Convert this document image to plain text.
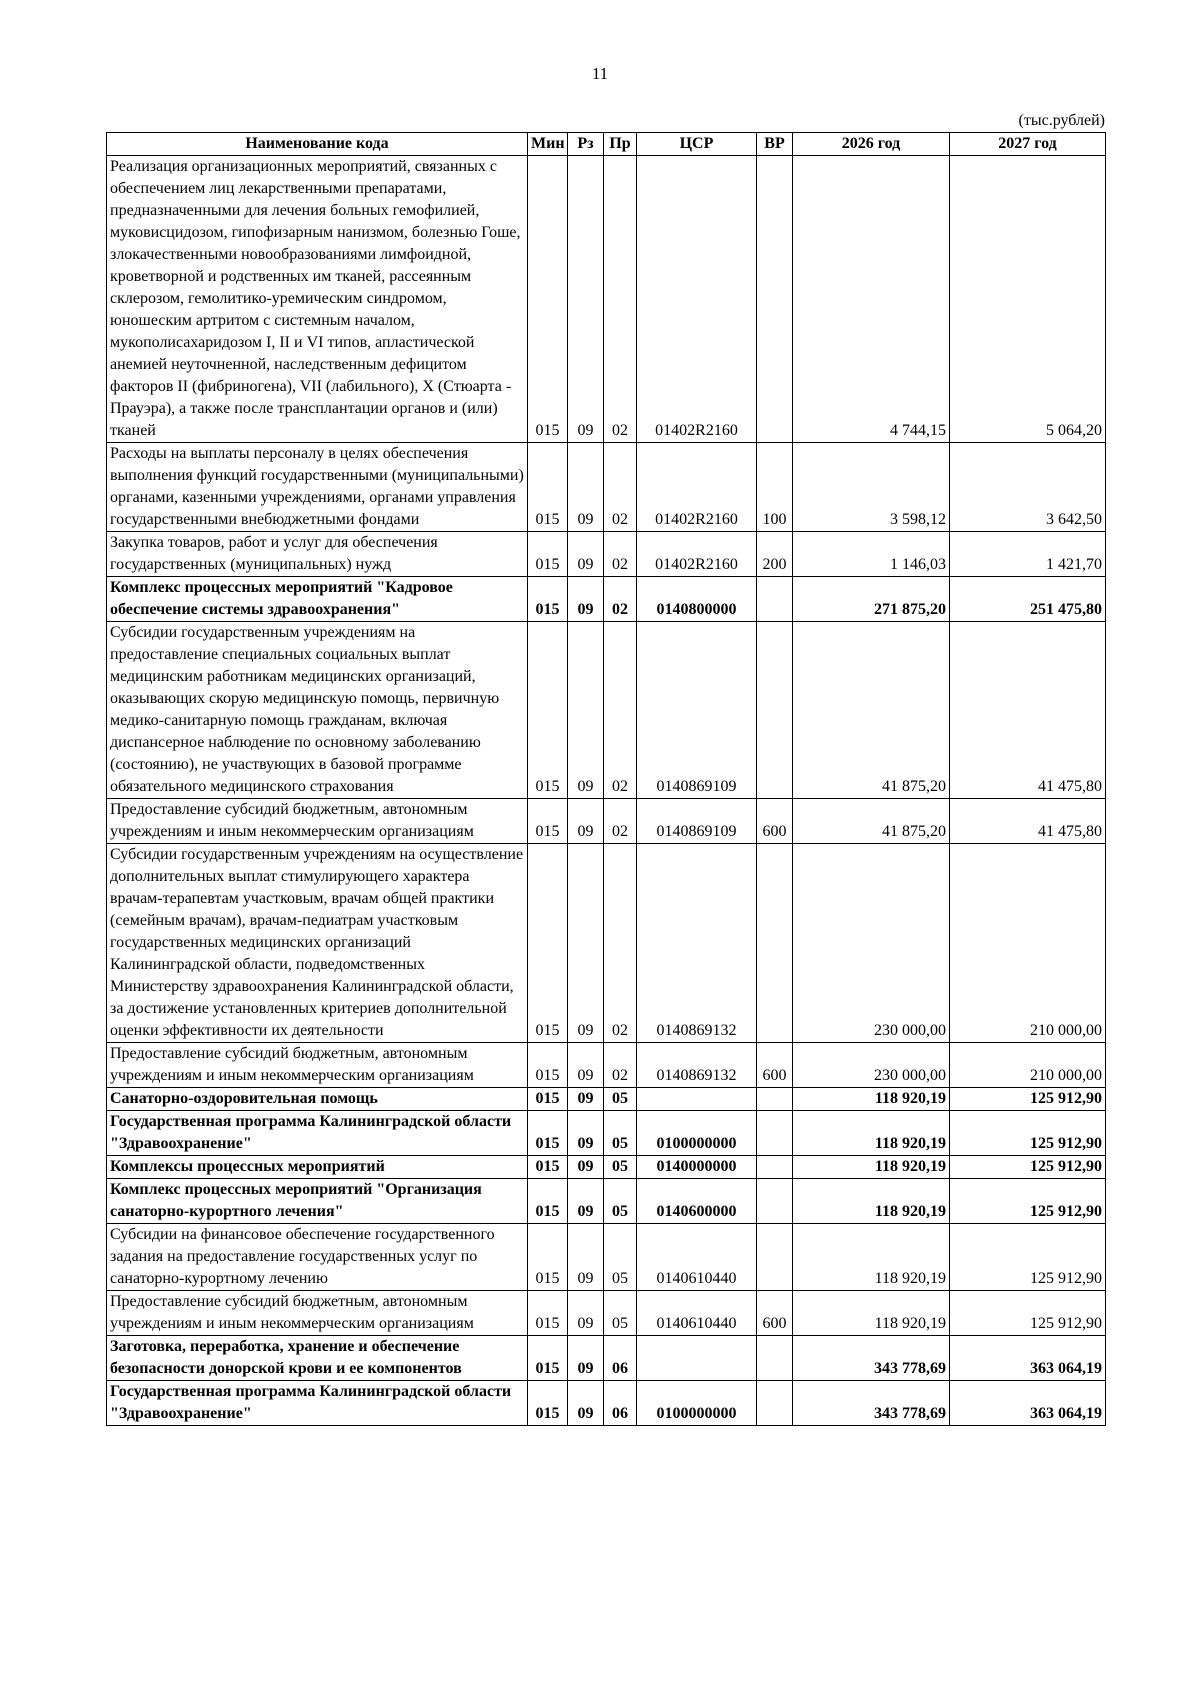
11
(тыс.рублей)
Наименование кода	Мин	Рз	Пр	ЦСР	ВР	2026 год	2027 год
Реализация организационных мероприятий, связанных с обеспечением лиц лекарственными препаратами, предназначенными для лечения больных гемофилией, муковисцидозом, гипофизарным нанизмом, болезнью Гоше, злокачественными новообразованиями лимфоидной, кроветворной и родственных им тканей, рассеянным склерозом, гемолитико-уремическим синдромом, юношеским артритом с системным началом, мукополисахаридозом I, II и VI типов, апластической анемией неуточненной, наследственным дефицитом факторов II (фибриногена), VII (лабильного), X (Стюарта - Прауэра), а также после трансплантации органов и (или) тканей	015	09	02	01402R2160		4 744,15	5 064,20
Расходы на выплаты персоналу в целях обеспечения выполнения функций государственными (муниципальными) органами, казенными учреждениями, органами управления государственными внебюджетными фондами	015	09	02	01402R2160	100	3 598,12	3 642,50
Закупка товаров, работ и услуг для обеспечения государственных (муниципальных) нужд	015	09	02	01402R2160	200	1 146,03	1 421,70
Комплекс процессных мероприятий "Кадровое обеспечение системы здравоохранения"	015	09	02	0140800000		271 875,20	251 475,80
Субсидии государственным учреждениям на предоставление специальных социальных выплат медицинским работникам медицинских организаций, оказывающих скорую медицинскую помощь, первичную медико-санитарную помощь гражданам, включая диспансерное наблюдение по основному заболеванию (состоянию), не участвующих в базовой программе обязательного медицинского страхования	015	09	02	0140869109		41 875,20	41 475,80
Предоставление субсидий бюджетным, автономным учреждениям и иным некоммерческим организациям	015	09	02	0140869109	600	41 875,20	41 475,80
Субсидии государственным учреждениям на осуществление дополнительных выплат стимулирующего характера врачам-терапевтам участковым, врачам общей практики (семейным врачам), врачам-педиатрам участковым государственных медицинских организаций Калининградской области, подведомственных Министерству здравоохранения Калининградской области, за достижение установленных критериев дополнительной оценки эффективности их деятельности	015	09	02	0140869132		230 000,00	210 000,00
Предоставление субсидий бюджетным, автономным учреждениям и иным некоммерческим организациям	015	09	02	0140869132	600	230 000,00	210 000,00
Санаторно-оздоровительная помощь	015	09	05			118 920,19	125 912,90
Государственная программа Калининградской области "Здравоохранение"	015	09	05	0100000000		118 920,19	125 912,90
Комплексы процессных мероприятий	015	09	05	0140000000		118 920,19	125 912,90
Комплекс процессных мероприятий "Организация санаторно-курортного лечения"	015	09	05	0140600000		118 920,19	125 912,90
Субсидии на финансовое обеспечение государственного задания на предоставление государственных услуг по санаторно-курортному лечению	015	09	05	0140610440		118 920,19	125 912,90
Предоставление субсидий бюджетным, автономным учреждениям и иным некоммерческим организациям	015	09	05	0140610440	600	118 920,19	125 912,90
Заготовка, переработка, хранение и обеспечение безопасности донорской крови и ее компонентов	015	09	06			343 778,69	363 064,19
Государственная программа Калининградской области "Здравоохранение"	015	09	06	0100000000		343 778,69	363 064,19
